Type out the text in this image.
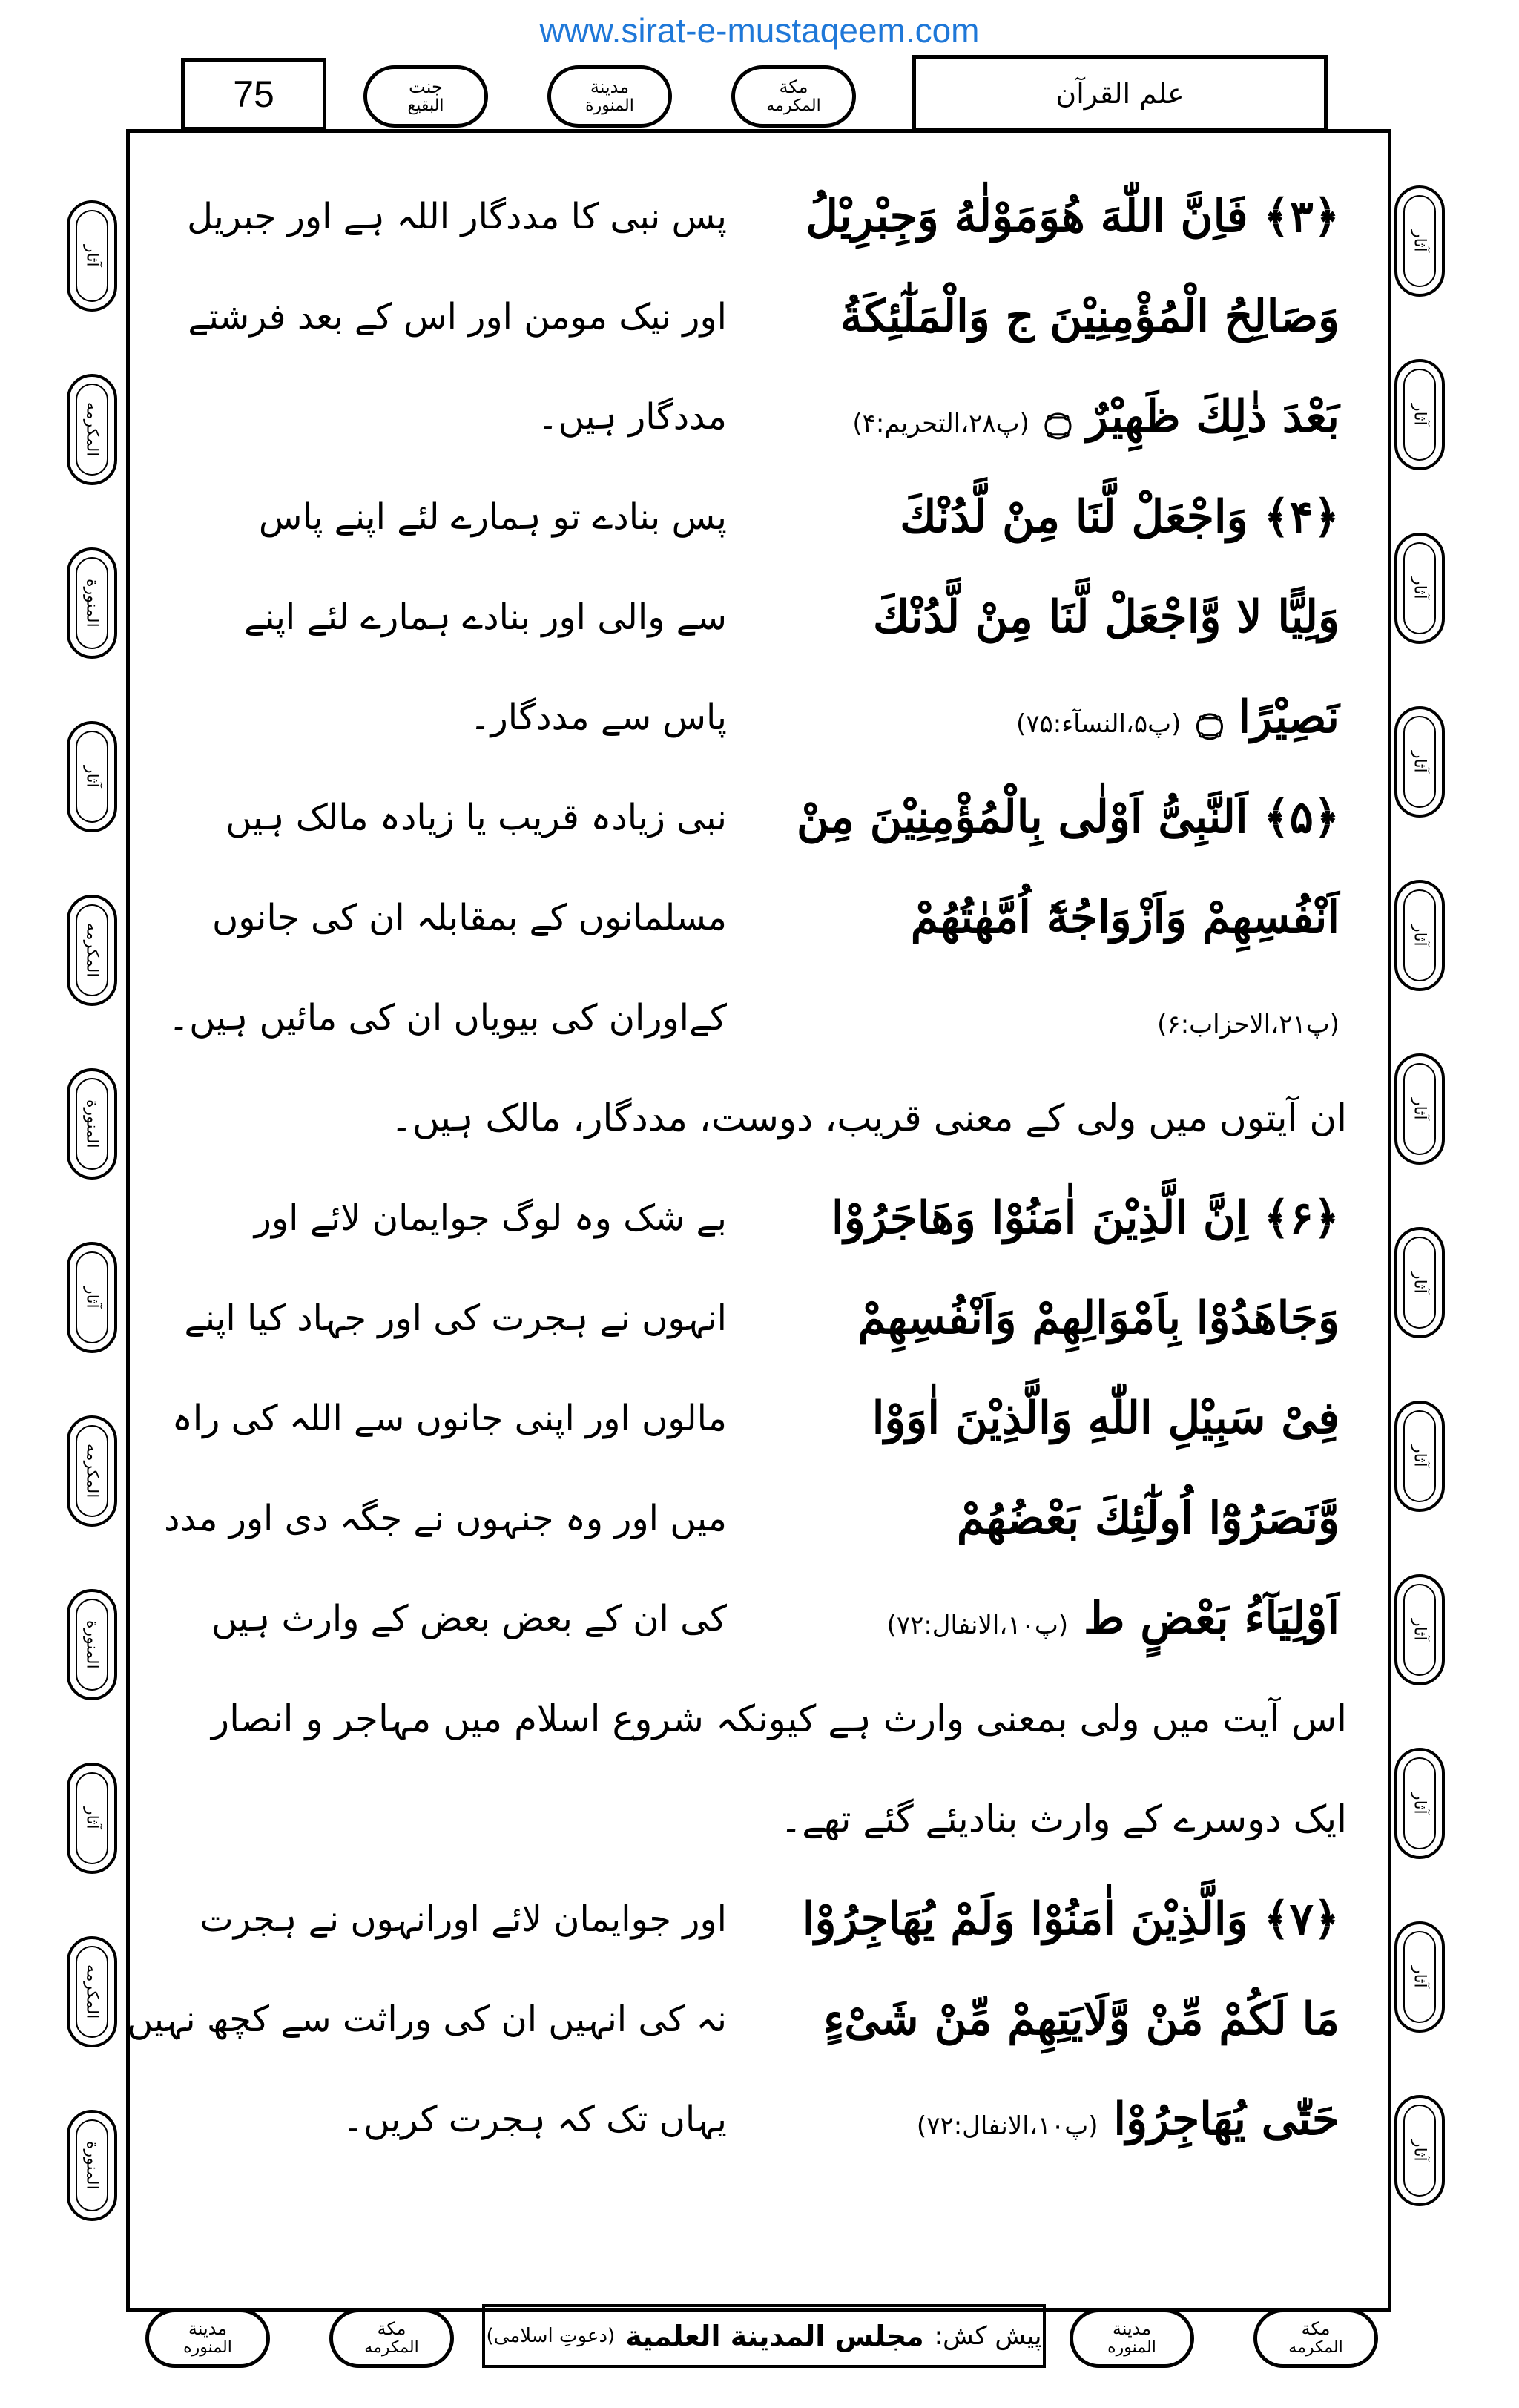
www.sirat-e-mustaqeem.com
75	جنت
البقيع
مدينة
المنورة
مكة
المكرمه	علم القرآن
آثار
المكرمه
المنورة
آثار
المكرمه
المنورة
آثار
المكرمه
المنورة
آثار
المكرمه
المنورة
آثار
آثار
آثار
آثار
آثار
آثار
آثار
آثار
آثار
آثار
آثار
آثار
﴿۳﴾ فَاِنَّ اللّٰهَ هُوَمَوْلٰهُ وَجِبْرِيْلُ
پس نبی کا مددگار اللہ ہے اور جبریل
وَصَالِحُ الْمُؤْمِنِيْنَ ج وَالْمَلٰٓئِكَةُ
اور نیک مومن اور اس کے بعد فرشتے
بَعْدَ ذٰلِكَ ظَهِيْرٌ ۝ (پ۲۸،التحریم:۴)
مددگار ہیں۔
﴿۴﴾ وَاجْعَلْ لَّنَا مِنْ لَّدُنْكَ
پس بنادے تو ہمارے لئے اپنے پاس
وَلِيًّا لا وَّاجْعَلْ لَّنَا مِنْ لَّدُنْكَ
سے والی اور بنادے ہمارے لئے اپنے
نَصِيْرًا ۝ (پ۵،النسآء:۷۵)
پاس سے مددگار۔
﴿۵﴾ اَلنَّبِىُّ اَوْلٰى بِالْمُؤْمِنِيْنَ مِنْ
نبی زیادہ قریب یا زیادہ مالک ہیں
اَنْفُسِهِمْ وَاَزْوَاجُهٗٓ اُمَّهٰتُهُمْ
مسلمانوں کے بمقابلہ ان کی جانوں
(پ۲۱،الاحزاب:۶)
کےاوران کی بیویاں ان کی مائیں ہیں۔
ان آیتوں میں ولی کے معنی قریب، دوست، مددگار، مالک ہیں۔
﴿۶﴾ اِنَّ الَّذِيْنَ اٰمَنُوْا وَهَاجَرُوْا
بے شک وہ لوگ جوایمان لائے اور
وَجَاهَدُوْا بِاَمْوَالِهِمْ وَاَنْفُسِهِمْ
انہوں نے ہجرت کی اور جہاد کیا اپنے
فِىْ سَبِيْلِ اللّٰهِ وَالَّذِيْنَ اٰوَوْا
مالوں اور اپنی جانوں سے اللہ کی راہ
وَّنَصَرُوْٓا اُولٰٓئِكَ بَعْضُهُمْ
میں اور وہ جنہوں نے جگہ دی اور مدد
اَوْلِيَآءُ بَعْضٍ ط (پ۱۰،الانفال:۷۲)
کی ان کے بعض بعض کے وارث ہیں
اس آیت میں ولی بمعنی وارث ہے کیونکہ شروع اسلام میں مہاجر و انصار
ایک دوسرے کے وارث بنادیئے گئے تھے۔
﴿۷﴾ وَالَّذِيْنَ اٰمَنُوْا وَلَمْ يُهَاجِرُوْا
اور جوایمان لائے اورانہوں نے ہجرت
مَا لَكُمْ مِّنْ وَّلَايَتِهِمْ مِّنْ شَىْءٍ
نہ کی انہیں ان کی وراثت سے کچھ نہیں
حَتّٰى يُهَاجِرُوْا (پ۱۰،الانفال:۷۲)
یہاں تک کہ ہجرت کریں۔
مدينة
المنوره
مكة
المكرمه	پیش کش:
مجلس المدينة العلمية
(دعوتِ اسلامی)	مدينة
المنوره
مكة
المكرمه
